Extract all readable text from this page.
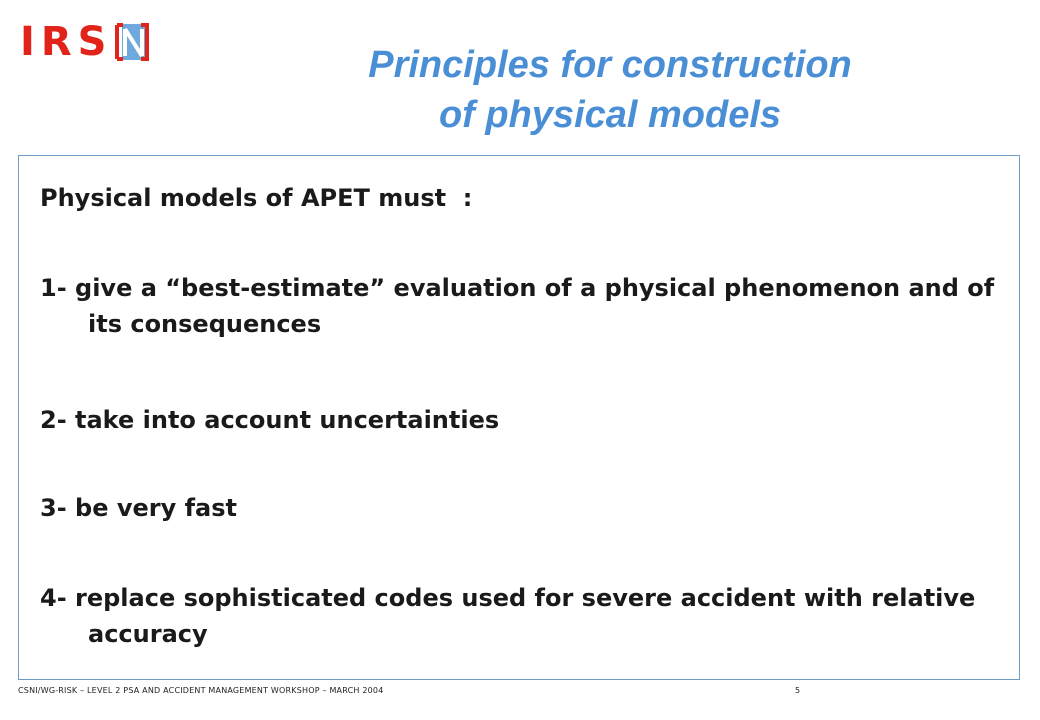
IRS	Principles for construction
of physical models
Physical models of APET must  :
1- give a “best-estimate” evaluation of a physical phenomenon and of its consequences
2- take into account uncertainties
3- be very fast
4- replace sophisticated codes used for severe accident with relative accuracy
CSNI/WG-RISK – LEVEL 2 PSA AND ACCIDENT MANAGEMENT WORKSHOP – MARCH 2004	5
